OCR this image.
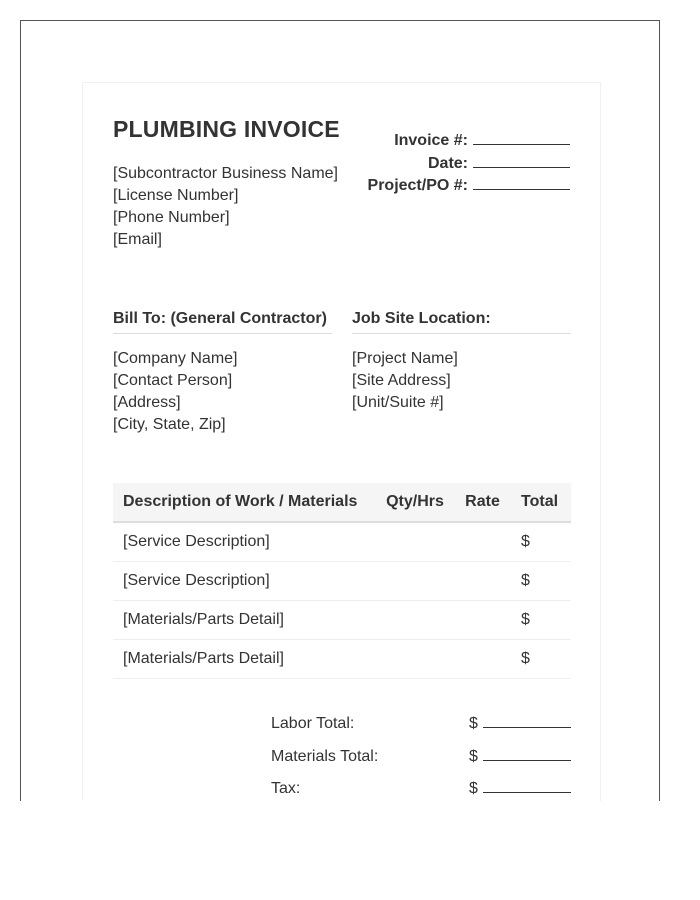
PLUMBING INVOICE
[Subcontractor Business Name]
[License Number]
[Phone Number]
[Email]
Invoice #:
Date:
Project/PO #:
Bill To: (General Contractor)	Job Site Location:
[Company Name]
[Contact Person]
[Address]
[City, State, Zip]
[Project Name]
[Site Address]
[Unit/Suite #]
Description of Work / Materials	Qty/Hrs	Rate	Total
[Service Description]			$
[Service Description]			$
[Materials/Parts Detail]			$
[Materials/Parts Detail]			$
Labor Total:	$
Materials Total:	$
Tax:	$
